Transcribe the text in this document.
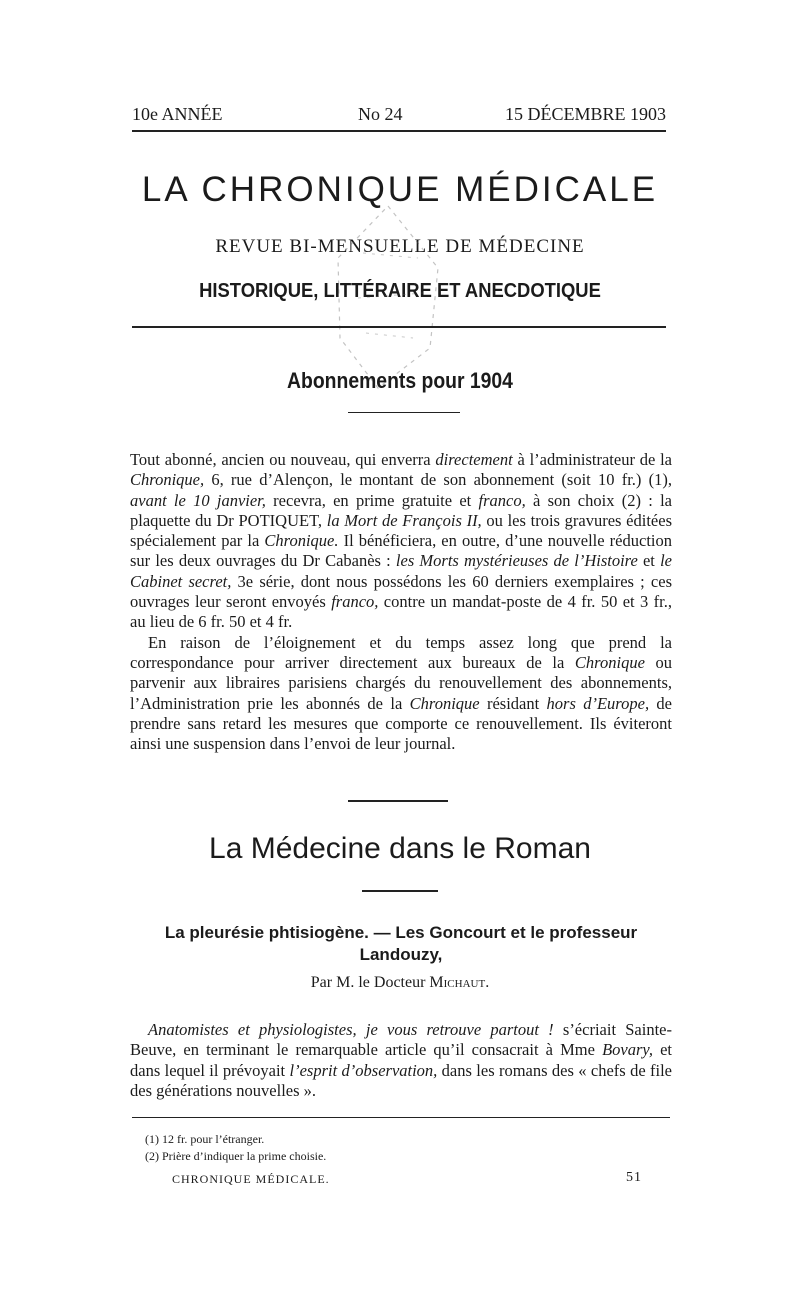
10e ANNÉE	No 24	15 DÉCEMBRE 1903
LA CHRONIQUE MÉDICALE
REVUE BI-MENSUELLE DE MÉDECINE
HISTORIQUE, LITTÉRAIRE ET ANECDOTIQUE
Abonnements pour 1904

Tout abonné, ancien ou nouveau, qui enverra directement à l’administrateur de la Chronique, 6, rue d’Alençon, le montant de son abonnement (soit 10 fr.) (1), avant le 10 janvier, recevra, en prime gratuite et franco, à son choix (2) : la plaquette du Dr POTIQUET, la Mort de François II, ou les trois gravures éditées spécialement par la Chronique. Il bénéficiera, en outre, d’une nouvelle réduction sur les deux ouvrages du Dr Cabanès : les Morts mystérieuses de l’Histoire et le Cabinet secret, 3e série, dont nous possédons les 60 derniers exemplaires ; ces ouvrages leur seront envoyés franco, contre un mandat-poste de 4 fr. 50 et 3 fr., au lieu de 6 fr. 50 et 4 fr.

En raison de l’éloignement et du temps assez long que prend la correspondance pour arriver directement aux bureaux de la Chronique ou parvenir aux libraires parisiens chargés du renouvellement des abonnements, l’Administration prie les abonnés de la Chronique résidant hors d’Europe, de prendre sans retard les mesures que comporte ce renouvellement. Ils éviteront ainsi une suspension dans l’envoi de leur journal.

La Médecine dans le Roman
La pleurésie phtisiogène. — Les Goncourt et le professeur Landouzy,
Par M. le Docteur Michaut.

Anatomistes et physiologistes, je vous retrouve partout ! s’écriait Sainte-Beuve, en terminant le remarquable article qu’il consacrait à Mme Bovary, et dans lequel il prévoyait l’esprit d’observation, dans les romans des « chefs de file des générations nouvelles ».

(1) 12 fr. pour l’étranger.
(2) Prière d’indiquer la prime choisie.
CHRONIQUE MÉDICALE.	51
